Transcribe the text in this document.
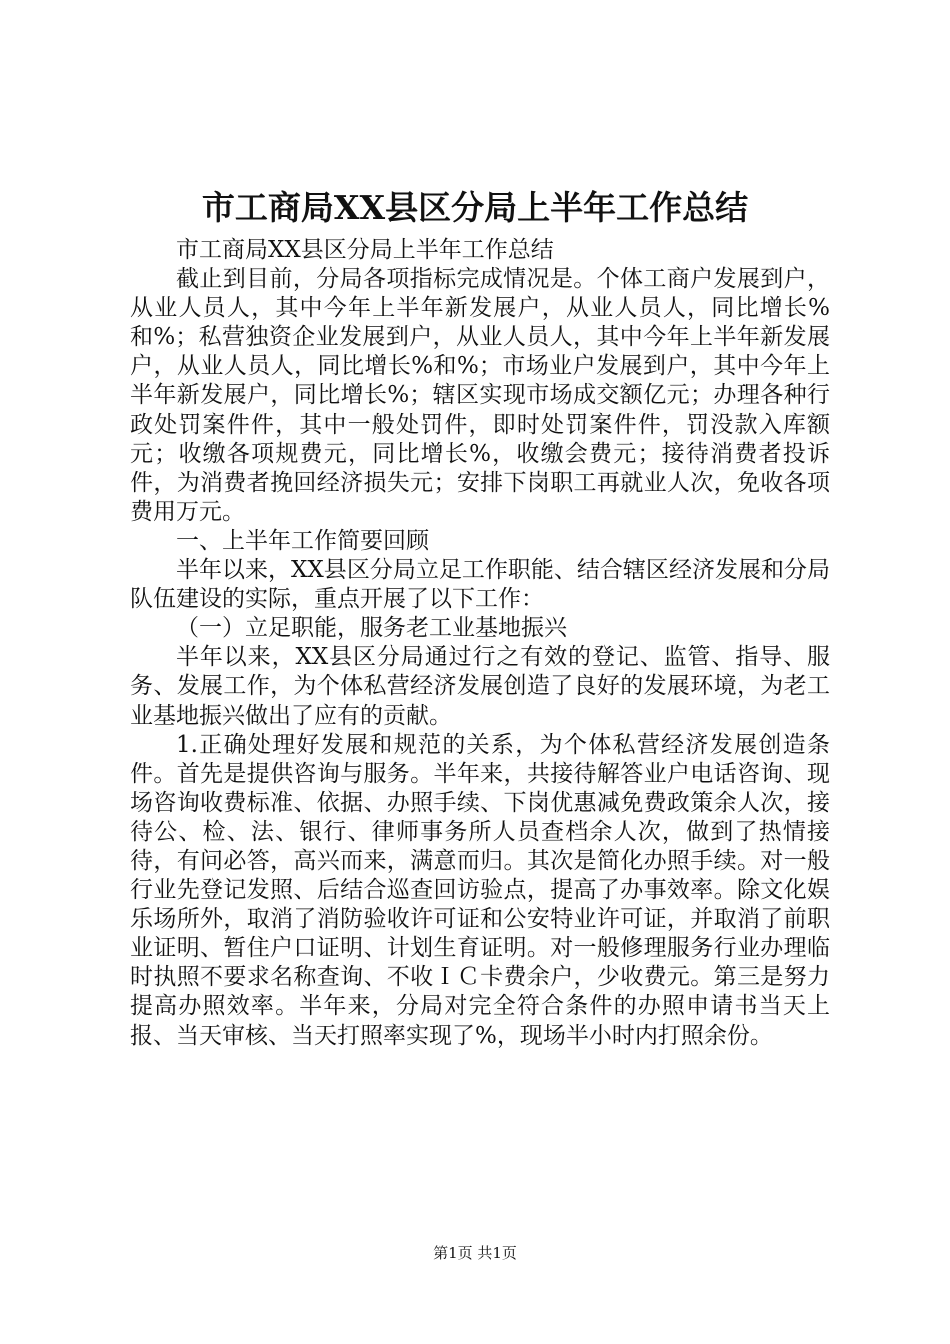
市工商局XX县区分局上半年工作总结

市工商局XX县区分局上半年工作总结

截止到目前，分局各项指标完成情况是。个体工商户发展到户，从业人员人，其中今年上半年新发展户，从业人员人，同比增长%和%；私营独资企业发展到户，从业人员人，其中今年上半年新发展户，从业人员人，同比增长%和%；市场业户发展到户，其中今年上半年新发展户，同比增长%；辖区实现市场成交额亿元；办理各种行政处罚案件件，其中一般处罚件，即时处罚案件件，罚没款入库额元；收缴各项规费元，同比增长%，收缴会费元；接待消费者投诉件，为消费者挽回经济损失元；安排下岗职工再就业人次，免收各项费用万元。

一、上半年工作简要回顾

半年以来，XX县区分局立足工作职能、结合辖区经济发展和分局队伍建设的实际，重点开展了以下工作：

（一）立足职能，服务老工业基地振兴

半年以来，XX县区分局通过行之有效的登记、监管、指导、服务、发展工作，为个体私营经济发展创造了良好的发展环境，为老工业基地振兴做出了应有的贡献。

1.正确处理好发展和规范的关系，为个体私营经济发展创造条件。首先是提供咨询与服务。半年来，共接待解答业户电话咨询、现场咨询收费标准、依据、办照手续、下岗优惠减免费政策余人次，接待公、检、法、银行、律师事务所人员查档余人次，做到了热情接待，有问必答，高兴而来，满意而归。其次是简化办照手续。对一般行业先登记发照、后结合巡查回访验点，提高了办事效率。除文化娱乐场所外，取消了消防验收许可证和公安特业许可证，并取消了前职业证明、暂住户口证明、计划生育证明。对一般修理服务行业办理临时执照不要求名称查询、不收ＩＣ卡费余户，少收费元。第三是努力提高办照效率。半年来，分局对完全符合条件的办照申请书当天上报、当天审核、当天打照率实现了%，现场半小时内打照余份。

第1页 共1页
